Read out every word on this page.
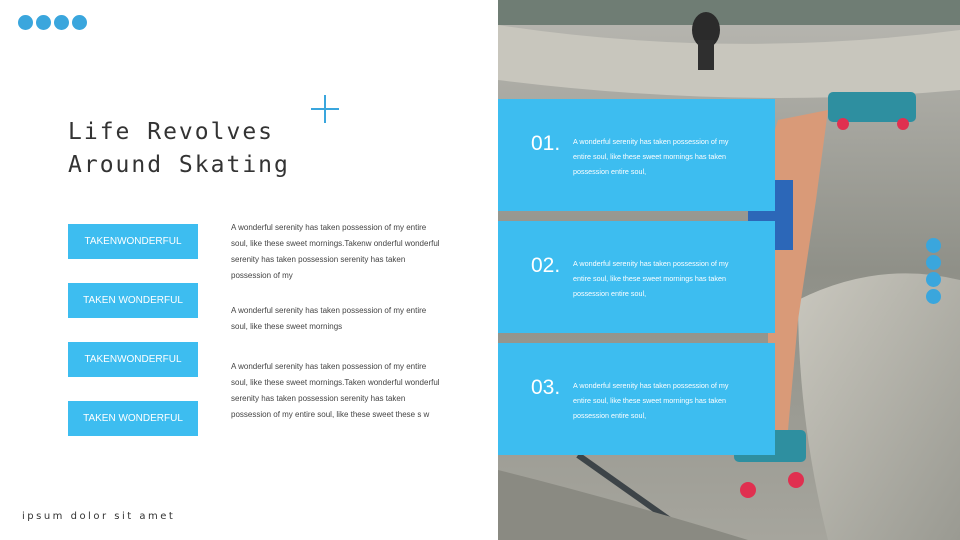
Life Revolves
Around Skating
TAKENWONDERFUL
TAKEN WONDERFUL
TAKENWONDERFUL
TAKEN WONDERFUL
A wonderful serenity has taken possession of my entire soul, like these sweet mornings.Takenw onderful wonderful serenity has taken possession serenity has taken possession of my
A wonderful serenity has taken possession of my entire soul, like these sweet mornings
A wonderful serenity has taken possession of my entire soul, like these sweet mornings.Taken wonderful wonderful serenity has taken possession serenity has taken possession of my entire soul, like these sweet these s w
ipsum dolor sit amet
01. A wonderful serenity has taken possession of my entire soul, like these sweet mornings has taken possession entire soul,
02. A wonderful serenity has taken possession of my entire soul, like these sweet mornings has taken possession entire soul,
03. A wonderful serenity has taken possession of my entire soul, like these sweet mornings has taken possession entire soul,
